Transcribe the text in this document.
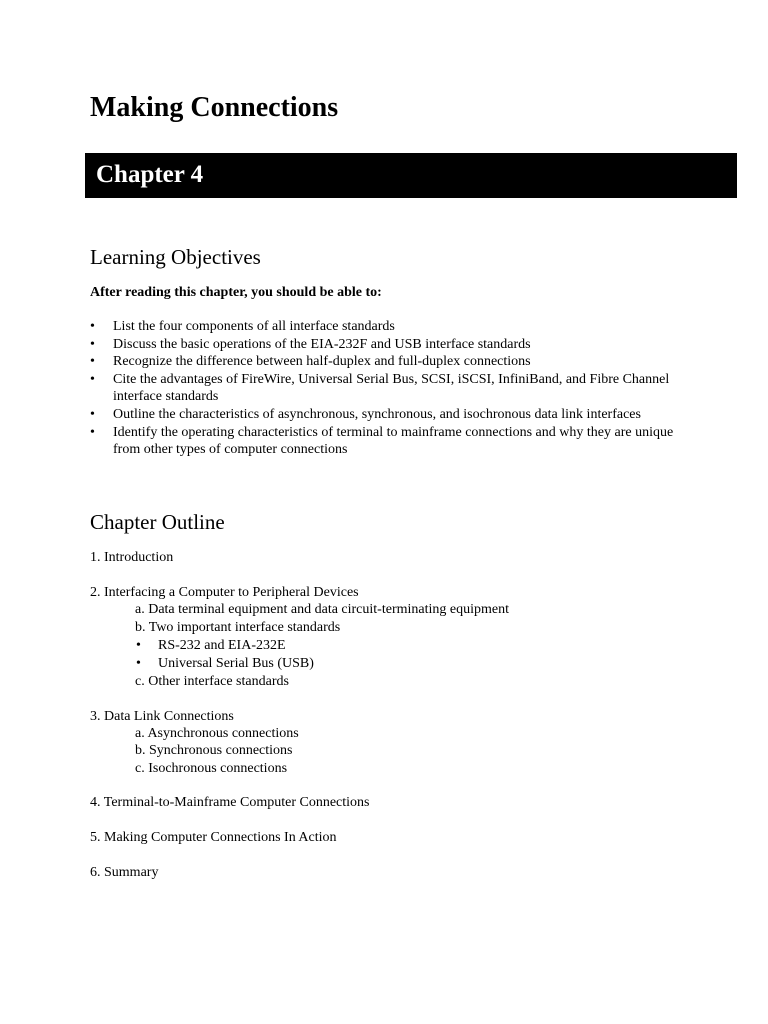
Making Connections
Chapter 4
Learning Objectives
After reading this chapter, you should be able to:
•	List the four components of all interface standards
•	Discuss the basic operations of the EIA-232F and USB interface standards
•	Recognize the difference between half-duplex and full-duplex connections
•	Cite the advantages of FireWire, Universal Serial Bus, SCSI, iSCSI, InfiniBand, and Fibre Channel interface standards
•	Outline the characteristics of asynchronous, synchronous, and isochronous data link interfaces
•	Identify the operating characteristics of terminal to mainframe connections and why they are unique from other types of computer connections
Chapter Outline
1. Introduction
2. Interfacing a Computer to Peripheral Devices
a. Data terminal equipment and data circuit-terminating equipment
b. Two important interface standards
• RS-232 and EIA-232E
• Universal Serial Bus (USB)
c. Other interface standards
3. Data Link Connections
a. Asynchronous connections
b. Synchronous connections
c. Isochronous connections
4. Terminal-to-Mainframe Computer Connections
5. Making Computer Connections In Action
6. Summary
